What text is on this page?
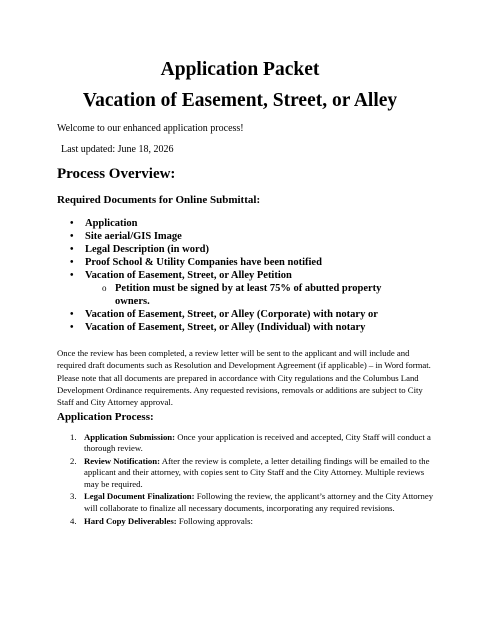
Application Packet
Vacation of Easement, Street, or Alley
Welcome to our enhanced application process!
Last updated: June 18, 2026
Process Overview:
Required Documents for Online Submittal:
• Application
• Site aerial/GIS Image
• Legal Description (in word)
• Proof School & Utility Companies have been notified
• Vacation of Easement, Street, or Alley Petition
o Petition must be signed by at least 75% of abutted property owners.
• Vacation of Easement, Street, or Alley (Corporate) with notary or
• Vacation of Easement, Street, or Alley (Individual) with notary

Once the review has been completed, a review letter will be sent to the applicant and will include and required draft documents such as Resolution and Development Agreement (if applicable) – in Word format. Please note that all documents are prepared in accordance with City regulations and the Columbus Land Development Ordinance requirements. Any requested revisions, removals or additions are subject to City Staff and City Attorney approval.

Application Process:
1. Application Submission: Once your application is received and accepted, City Staff will conduct a thorough review.
2. Review Notification: After the review is complete, a letter detailing findings will be emailed to the applicant and their attorney, with copies sent to City Staff and the City Attorney. Multiple reviews may be required.
3. Legal Document Finalization: Following the review, the applicant’s attorney and the City Attorney will collaborate to finalize all necessary documents, incorporating any required revisions.
4. Hard Copy Deliverables: Following approvals:
